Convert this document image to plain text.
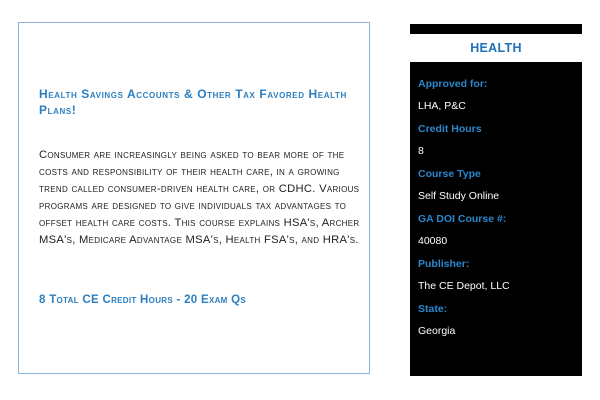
Health Savings Accounts & Other Tax Favored Health Plans!
Consumer are increasingly being asked to bear more of the costs and responsibility of their health care, in a growing trend called consumer-driven health care, or CDHC. Various programs are designed to give individuals tax advantages to offset health care costs. This course explains HSA's, Archer MSA's, Medicare Advantage MSA's, Health FSA's, and HRA's.
8 Total CE Credit Hours - 20 Exam Qs
HEALTH
Approved for:
LHA, P&C
Credit Hours
8
Course Type
Self Study Online
GA DOI Course #:
40080
Publisher:
The CE Depot, LLC
State:
Georgia
